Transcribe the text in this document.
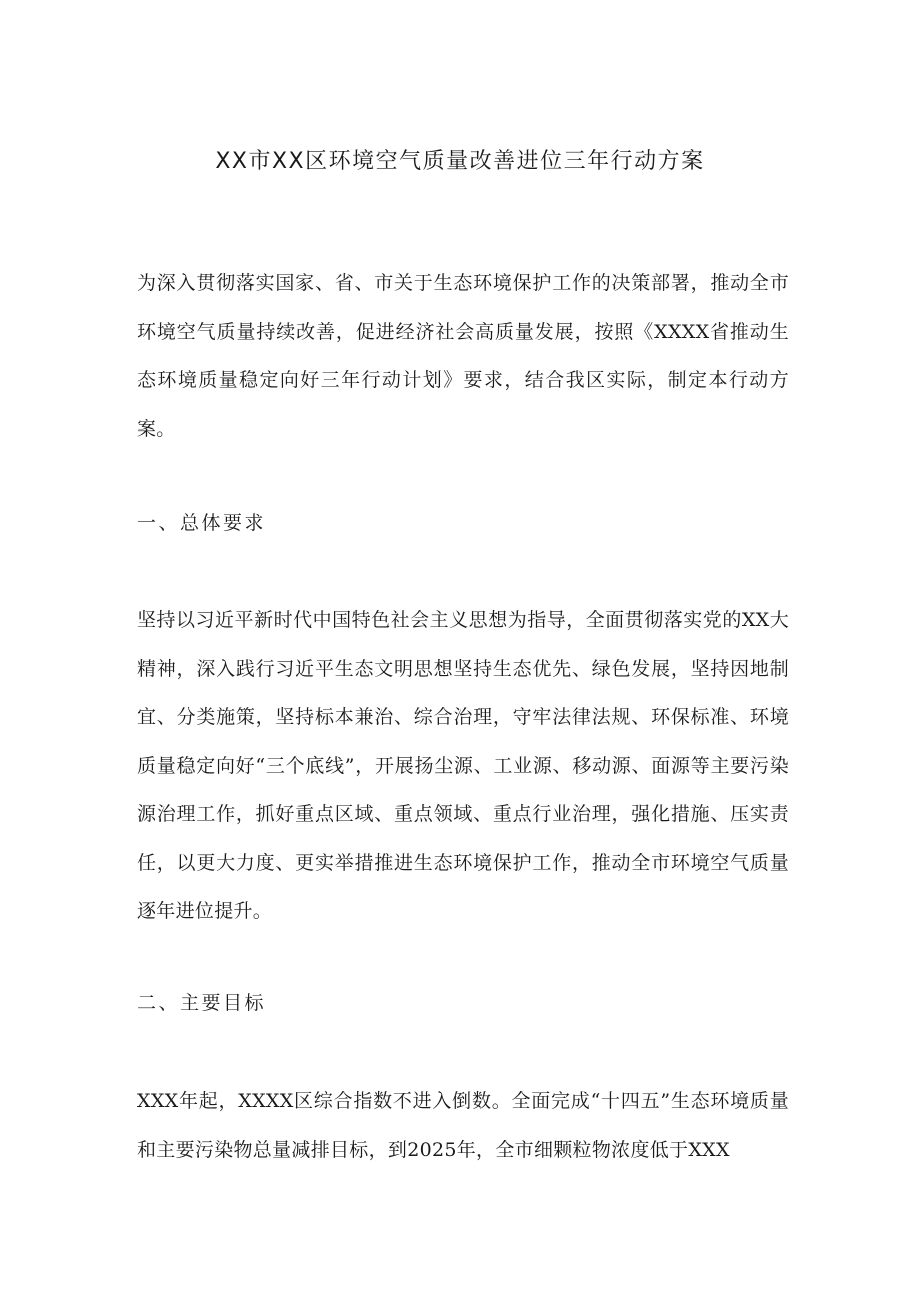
XX市XX区环境空气质量改善进位三年行动方案
为深入贯彻落实国家、省、市关于生态环境保护工作的决策部署，推动全市环境空气质量持续改善，促进经济社会高质量发展，按照《XXXX省推动生态环境质量稳定向好三年行动计划》要求，结合我区实际，制定本行动方案。
一、总体要求
坚持以习近平新时代中国特色社会主义思想为指导，全面贯彻落实党的XX大精神，深入践行习近平生态文明思想坚持生态优先、绿色发展，坚持因地制宜、分类施策，坚持标本兼治、综合治理，守牢法律法规、环保标准、环境质量稳定向好“三个底线”，开展扬尘源、工业源、移动源、面源等主要污染源治理工作，抓好重点区域、重点领域、重点行业治理，强化措施、压实责任，以更大力度、更实举措推进生态环境保护工作，推动全市环境空气质量逐年进位提升。
二、主要目标
XXX年起，XXXX区综合指数不进入倒数。全面完成“十四五”生态环境质量和主要污染物总量减排目标，到2025年，全市细颗粒物浓度低于XXX
